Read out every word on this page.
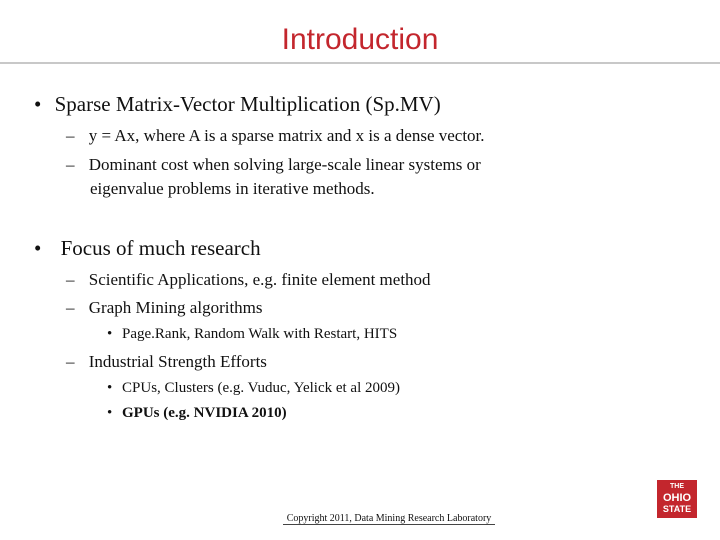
Introduction
• Sparse Matrix-Vector Multiplication (Sp.MV)
– y = Ax, where A is a sparse matrix and x is a dense vector.
– Dominant cost when solving large-scale linear systems or
eigenvalue problems in iterative methods.
• Focus of much research
– Scientific Applications, e.g. finite element method
– Graph Mining algorithms
• Page.Rank, Random Walk with Restart, HITS
– Industrial Strength Efforts
• CPUs, Clusters (e.g. Vuduc, Yelick et al 2009)
• GPUs (e.g. NVIDIA 2010)
THE
OHIO
STATE
UNIVERSITY
Copyright 2011, Data Mining Research Laboratory
